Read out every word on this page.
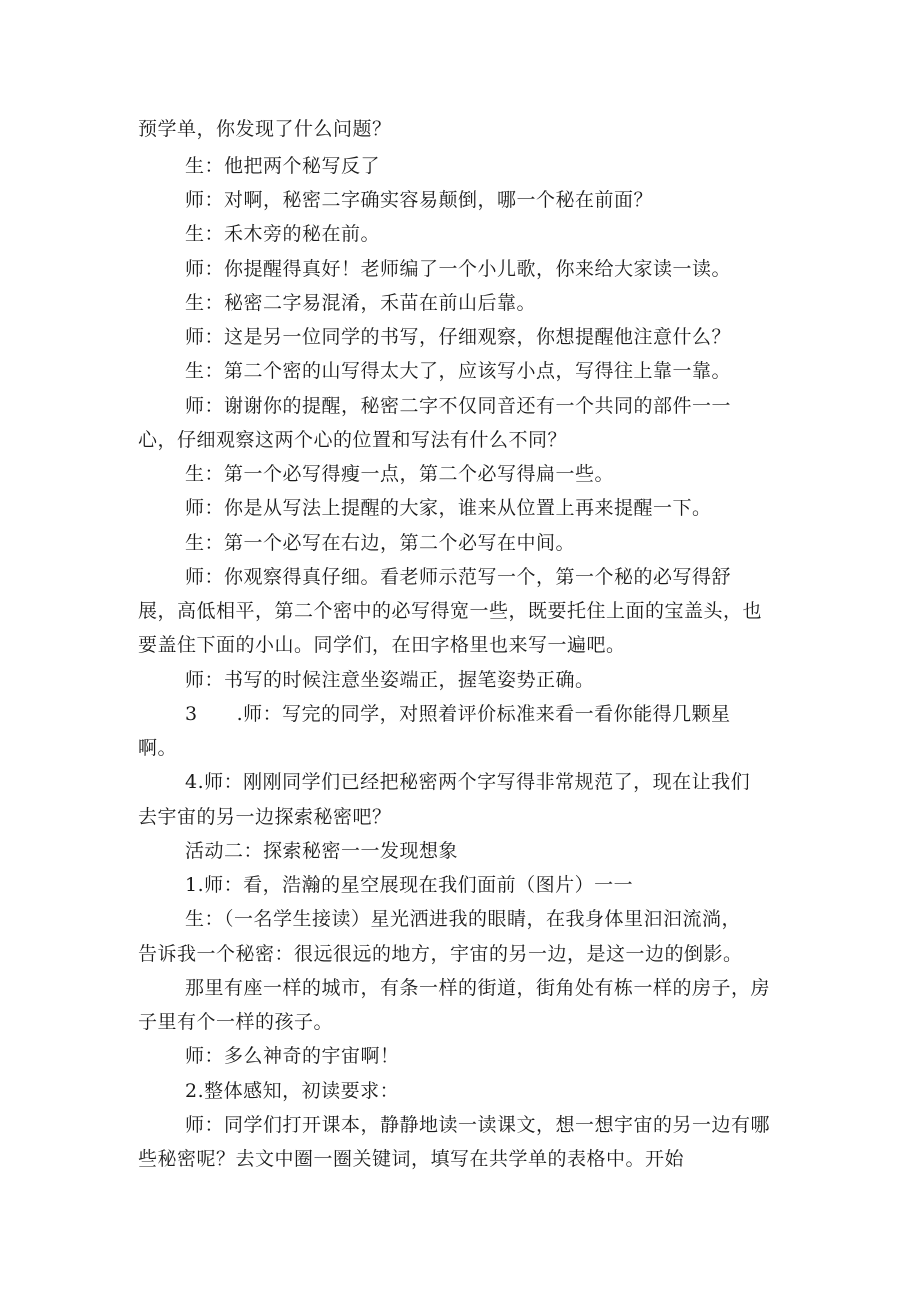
预学单，你发现了什么问题？

生：他把两个秘写反了

师：对啊，秘密二字确实容易颠倒，哪一个秘在前面？

生：禾木旁的秘在前。

师：你提醒得真好！老师编了一个小儿歌，你来给大家读一读。

生：秘密二字易混淆，禾苗在前山后靠。

师：这是另一位同学的书写，仔细观察，你想提醒他注意什么？

生：第二个密的山写得太大了，应该写小点，写得往上靠一靠。

师：谢谢你的提醒，秘密二字不仅同音还有一个共同的部件一一

心，仔细观察这两个心的位置和写法有什么不同？

生：第一个必写得瘦一点，第二个必写得扁一些。

师：你是从写法上提醒的大家，谁来从位置上再来提醒一下。

生：第一个必写在右边，第二个必写在中间。

师：你观察得真仔细。看老师示范写一个，第一个秘的必写得舒

展，高低相平，第二个密中的必写得宽一些，既要托住上面的宝盖头，也

要盖住下面的小山。同学们，在田字格里也来写一遍吧。

师：书写的时候注意坐姿端正，握笔姿势正确。

3　　.师：写完的同学，对照着评价标准来看一看你能得几颗星

啊。

4.师：刚刚同学们已经把秘密两个字写得非常规范了，现在让我们

去宇宙的另一边探索秘密吧？

活动二：探索秘密一一发现想象

1.师：看，浩瀚的星空展现在我们面前（图片）一一

生：（一名学生接读）星光洒进我的眼睛，在我身体里汩汩流淌，

告诉我一个秘密：很远很远的地方，宇宙的另一边，是这一边的倒影。

那里有座一样的城市，有条一样的街道，街角处有栋一样的房子，房

子里有个一样的孩子。

师：多么神奇的宇宙啊！

2.整体感知，初读要求：

师：同学们打开课本，静静地读一读课文，想一想宇宙的另一边有哪

些秘密呢？去文中圈一圈关键词，填写在共学单的表格中。开始
